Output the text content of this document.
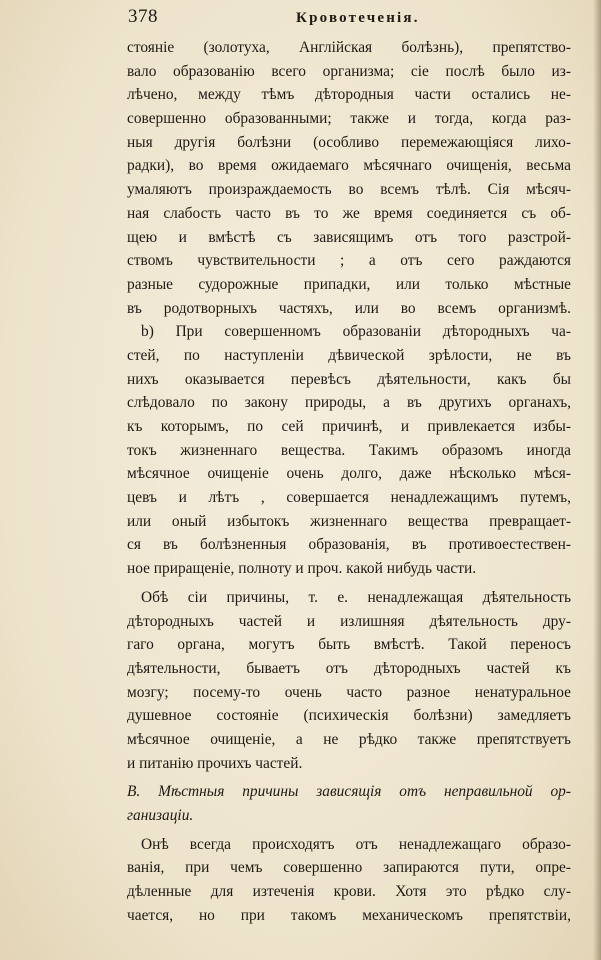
378	Кровотеченія.
стояніе (золотуха, Англійская болѣзнь), препятство-
вало образованію всего организма; сіе послѣ было из-
лѣчено, между тѣмъ дѣтородныя части остались не-
совершенно образованными; также и тогда, когда раз-
ныя другія болѣзни (особливо перемежающіяся лихо-
радки), во время ожидаемаго мѣсячнаго очищенія, весьма
умаляютъ произраждаемость во всемъ тѣлѣ. Сія мѣсяч-
ная слабость часто въ то же время соединяется съ об-
щею и вмѣстѣ съ зависящимъ отъ того разстрой-
ствомъ чувствительности ; а отъ сего раждаются
разные судорожные припадки, или только мѣстные
въ родотворныхъ частяхъ, или во всемъ организмѣ.
b) При совершенномъ образованіи дѣтородныхъ ча-
стей, по наступленіи дѣвической зрѣлости, не въ
нихъ оказывается перевѣсъ дѣятельности, какъ бы
слѣдовало по закону природы, а въ другихъ органахъ,
къ которымъ, по сей причинѣ, и привлекается избы-
токъ жизненнаго вещества. Такимъ образомъ иногда
мѣсячное очищеніе очень долго, даже нѣсколько мѣся-
цевъ и лѣтъ , совершается ненадлежащимъ путемъ,
или оный избытокъ жизненнаго вещества превращает-
ся въ болѣзненныя образованія, въ противоестествен-
ное приращеніе, полноту и проч. какой нибудь части.
Обѣ сіи причины, т. е. ненадлежащая дѣятельность
дѣтородныхъ частей и излишняя дѣятельность дру-
гаго органа, могутъ быть вмѣстѣ. Такой переносъ
дѣятельности, бываетъ отъ дѣтородныхъ частей къ
мозгу; посему-то очень часто разное ненатуральное
душевное состояніе (психическія болѣзни) замедляетъ
мѣсячное очищеніе, а не рѣдко также препятствуетъ
и питанію прочихъ частей.
B. Мѣстныя причины зависящія отъ неправильной ор-
ганизаціи.
Онѣ всегда происходятъ отъ ненадлежащаго образо-
ванія, при чемъ совершенно запираются пути, опре-
дѣленные для изтеченія крови. Хотя это рѣдко слу-
чается, но при такомъ механическомъ препятствіи,
